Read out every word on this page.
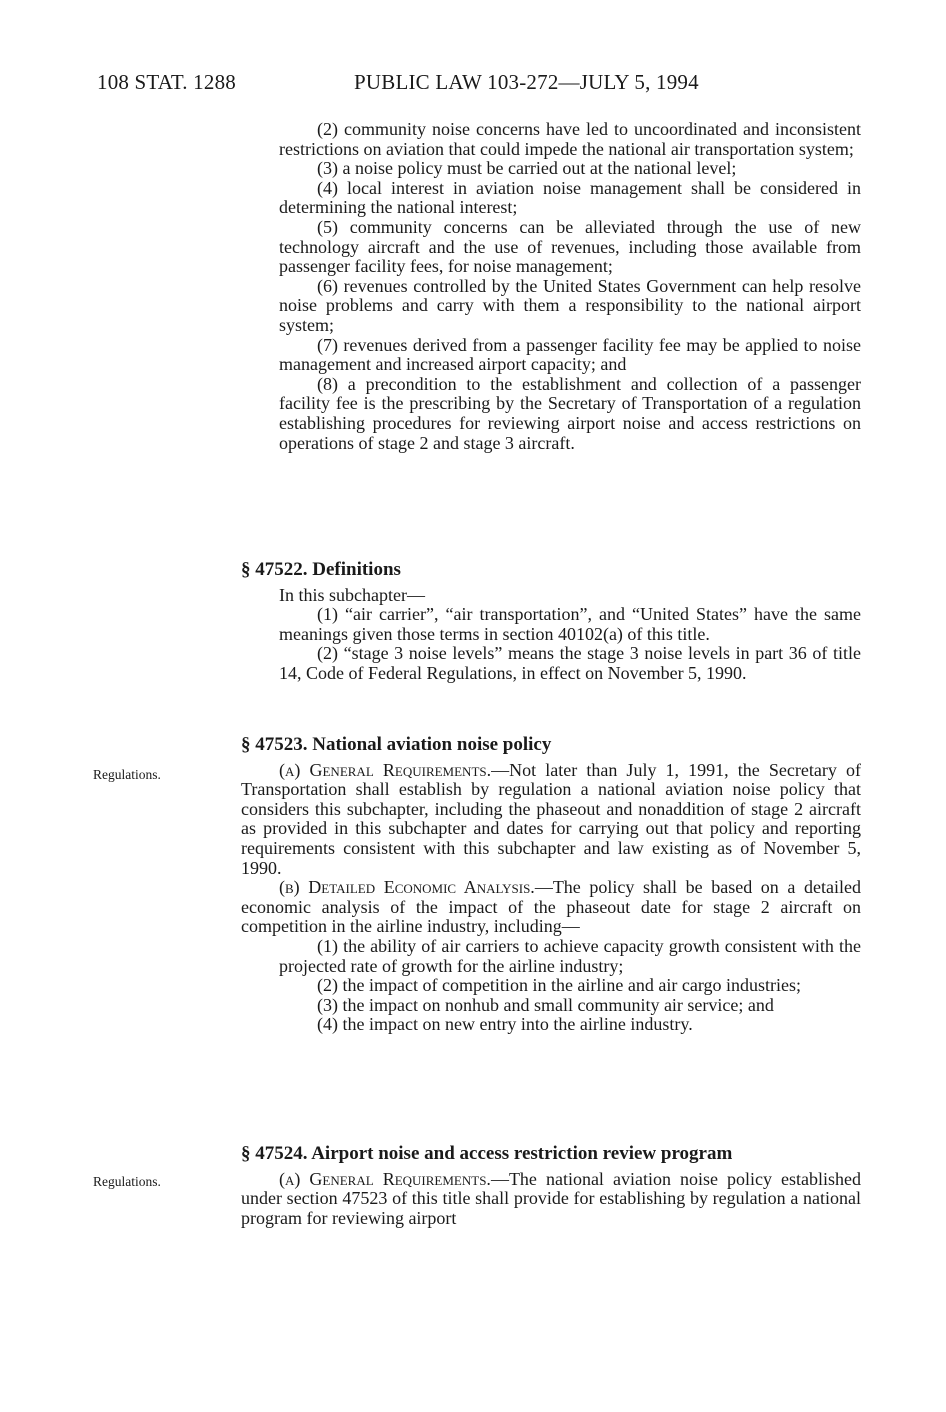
108 STAT. 1288	PUBLIC LAW 103-272—JULY 5, 1994

(2) community noise concerns have led to uncoordinated and inconsistent restrictions on aviation that could impede the national air transportation system;

(3) a noise policy must be carried out at the national level;

(4) local interest in aviation noise management shall be considered in determining the national interest;

(5) community concerns can be alleviated through the use of new technology aircraft and the use of revenues, including those available from passenger facility fees, for noise management;

(6) revenues controlled by the United States Government can help resolve noise problems and carry with them a responsibility to the national airport system;

(7) revenues derived from a passenger facility fee may be applied to noise management and increased airport capacity; and

(8) a precondition to the establishment and collection of a passenger facility fee is the prescribing by the Secretary of Transportation of a regulation establishing procedures for reviewing airport noise and access restrictions on operations of stage 2 and stage 3 aircraft.

§ 47522. Definitions

In this subchapter—

(1) “air carrier”, “air transportation”, and “United States” have the same meanings given those terms in section 40102(a) of this title.

(2) “stage 3 noise levels” means the stage 3 noise levels in part 36 of title 14, Code of Federal Regulations, in effect on November 5, 1990.

Regulations.

§ 47523. National aviation noise policy

(a) General Requirements.—Not later than July 1, 1991, the Secretary of Transportation shall establish by regulation a national aviation noise policy that considers this subchapter, including the phaseout and nonaddition of stage 2 aircraft as provided in this subchapter and dates for carrying out that policy and reporting requirements consistent with this subchapter and law existing as of November 5, 1990.

(b) Detailed Economic Analysis.—The policy shall be based on a detailed economic analysis of the impact of the phaseout date for stage 2 aircraft on competition in the airline industry, including—

(1) the ability of air carriers to achieve capacity growth consistent with the projected rate of growth for the airline industry;

(2) the impact of competition in the airline and air cargo industries;

(3) the impact on nonhub and small community air service; and

(4) the impact on new entry into the airline industry.

Regulations.

§ 47524. Airport noise and access restriction review program

(a) General Requirements.—The national aviation noise policy established under section 47523 of this title shall provide for establishing by regulation a national program for reviewing airport
